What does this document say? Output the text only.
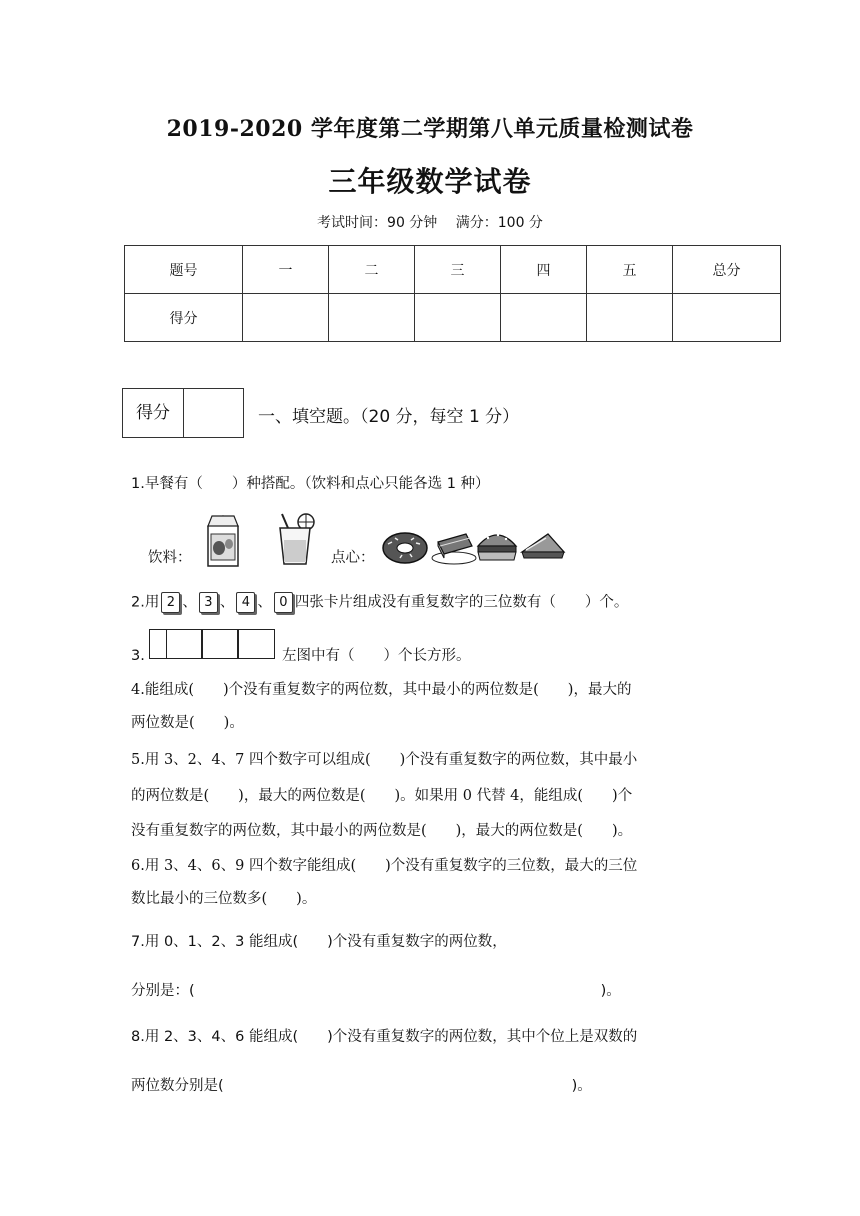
2019-2020 学年度第二学期第八单元质量检测试卷
三年级数学试卷
考试时间：90 分钟　 满分：100 分
题号	一	二	三	四	五	总分
得分						
得分	一、填空题。（20 分，每空 1 分）
1.早餐有（　　）种搭配。（饮料和点心只能各选 1 种）
饮料：	点心：
2.用 2 、 3 、 4 、 0 四张卡片组成没有重复数字的三位数有（　　）个。
3.	左图中有（　　）个长方形。
4.能组成(　　)个没有重复数字的两位数，其中最小的两位数是(　　)，最大的
两位数是(　　)。
5.用 3、2、4、7 四个数字可以组成(　　)个没有重复数字的两位数，其中最小
的两位数是(　　)，最大的两位数是(　　)。如果用 0 代替 4，能组成(　　)个
没有重复数字的两位数，其中最小的两位数是(　　)，最大的两位数是(　　)。
6.用 3、4、6、9 四个数字能组成(　　)个没有重复数字的三位数，最大的三位
数比最小的三位数多(　　)。
7.用 0、1、2、3 能组成(　　)个没有重复数字的两位数，
分别是：(　　　　　　　　　　　　　　　　　　　　　　　　　　　　)。
8.用 2、3、4、6 能组成(　　)个没有重复数字的两位数，其中个位上是双数的
两位数分别是(　　　　　　　　　　　　　　　　　　　　　　　　)。
